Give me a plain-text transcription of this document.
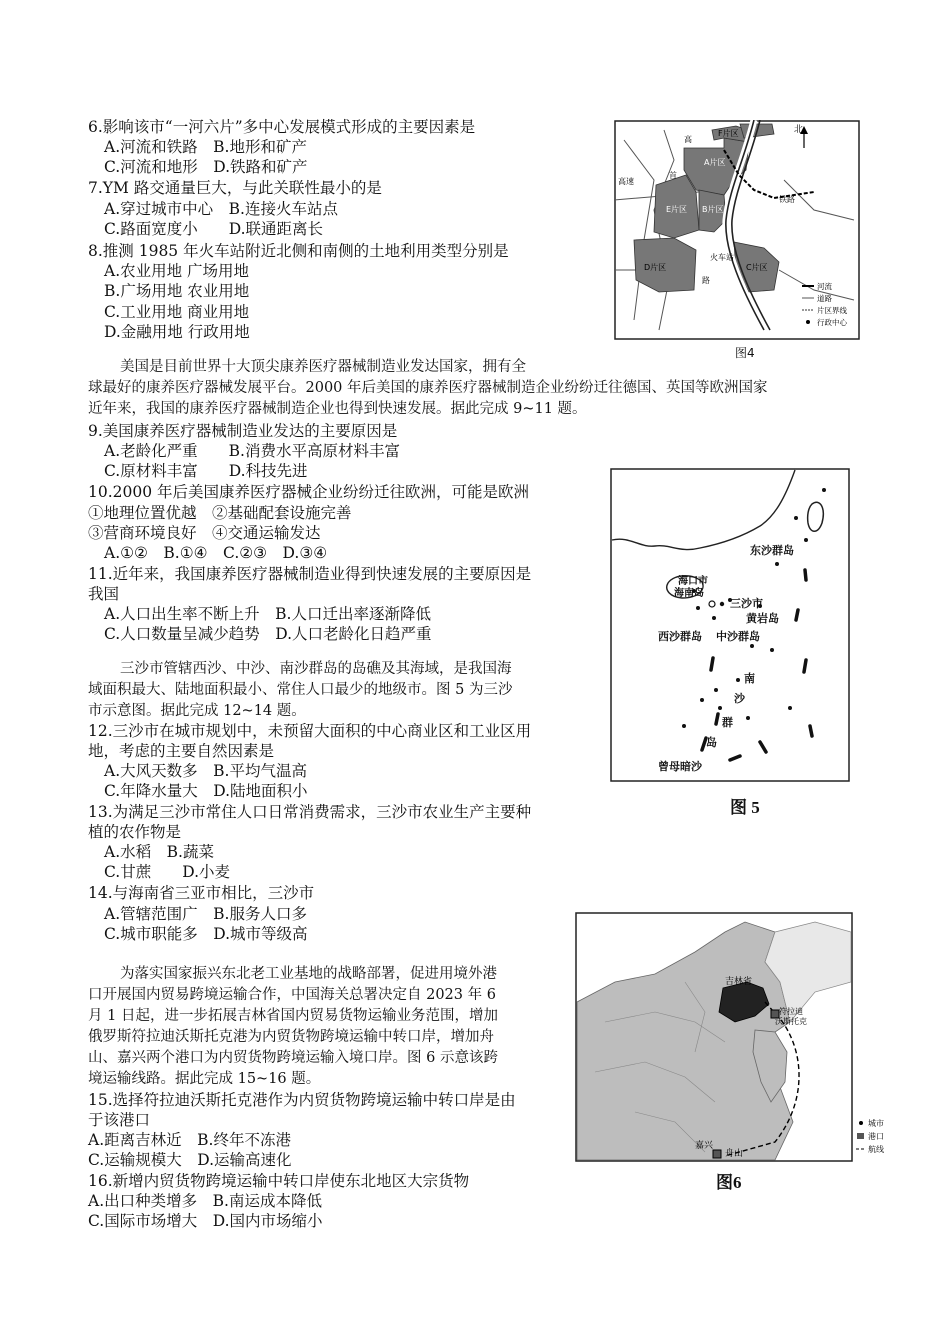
6.影响该市“一河六片”多中心发展模式形成的主要因素是
A.河流和铁路　B.地形和矿产
C.河流和地形　D.铁路和矿产
7.YM 路交通量巨大，与此关联性最小的是
A.穿过城市中心　B.连接火车站点
C.路面宽度小　　D.联通距离长
8.推测 1985 年火车站附近北侧和南侧的土地利用类型分别是
A.农业用地 广场用地
B.广场用地 农业用地
C.工业用地 商业用地
D.金融用地 行政用地
北
F片区
A片区
B片区
E片区
C片区
D片区
铁路
高速
火车站
路
首
高
河流
道路
片区界线
行政中心
图4
美国是目前世界十大顶尖康养医疗器械制造业发达国家，拥有全
球最好的康养医疗器械发展平台。2000 年后美国的康养医疗器械制造企业纷纷迁往德国、英国等欧洲国家
近年来，我国的康养医疗器械制造企业也得到快速发展。据此完成 9~11 题。
9.美国康养医疗器械制造业发达的主要原因是
A.老龄化严重　　B.消费水平高原材料丰富
C.原材料丰富　　D.科技先进
10.2000 年后美国康养医疗器械企业纷纷迁往欧洲，可能是欧洲
①地理位置优越　②基础配套设施完善
③营商环境良好　④交通运输发达
A.①②　B.①④　C.②③　D.③④
11.近年来，我国康养医疗器械制造业得到快速发展的主要原因是
我国
A.人口出生率不断上升　B.人口迁出率逐渐降低
C.人口数量呈减少趋势　D.人口老龄化日趋严重
东沙群岛
海口市
海南岛
三沙市
黄岩岛
西沙群岛 中沙群岛
南
沙
群
岛
曾母暗沙
图 5
三沙市管辖西沙、中沙、南沙群岛的岛礁及其海域，是我国海
域面积最大、陆地面积最小、常住人口最少的地级市。图 5 为三沙
市示意图。据此完成 12~14 题。
12.三沙市在城市规划中，未预留大面积的中心商业区和工业区用
地，考虑的主要自然因素是
A.大风天数多　B.平均气温高
C.年降水量大　D.陆地面积小
13.为满足三沙市常住人口日常消费需求，三沙市农业生产主要种
植的农作物是
A.水稻　B.蔬菜
C.甘蔗　　D.小麦
14.与海南省三亚市相比，三沙市
A.管辖范围广　B.服务人口多
C.城市职能多　D.城市等级高
为落实国家振兴东北老工业基地的战略部署，促进用境外港
口开展国内贸易跨境运输合作，中国海关总署决定自 2023 年 6
月 1 日起，进一步拓展吉林省国内贸易货物运输业务范围，增加
俄罗斯符拉迪沃斯托克港为内贸货物跨境运输中转口岸，增加舟
山、嘉兴两个港口为内贸货物跨境运输入境口岸。图 6 示意该跨
境运输线路。据此完成 15~16 题。
15.选择符拉迪沃斯托克港作为内贸货物跨境运输中转口岸是由
于该港口
A.距离吉林近　B.终年不冻港
C.运输规模大　D.运输高速化
16.新增内贸货物跨境运输中转口岸使东北地区大宗货物
A.出口种类增多　B.南运成本降低
C.国际市场增大　D.国内市场缩小
吉林省
符拉迪
沃斯托克
嘉兴
舟山
城市
港口
航线
图6
